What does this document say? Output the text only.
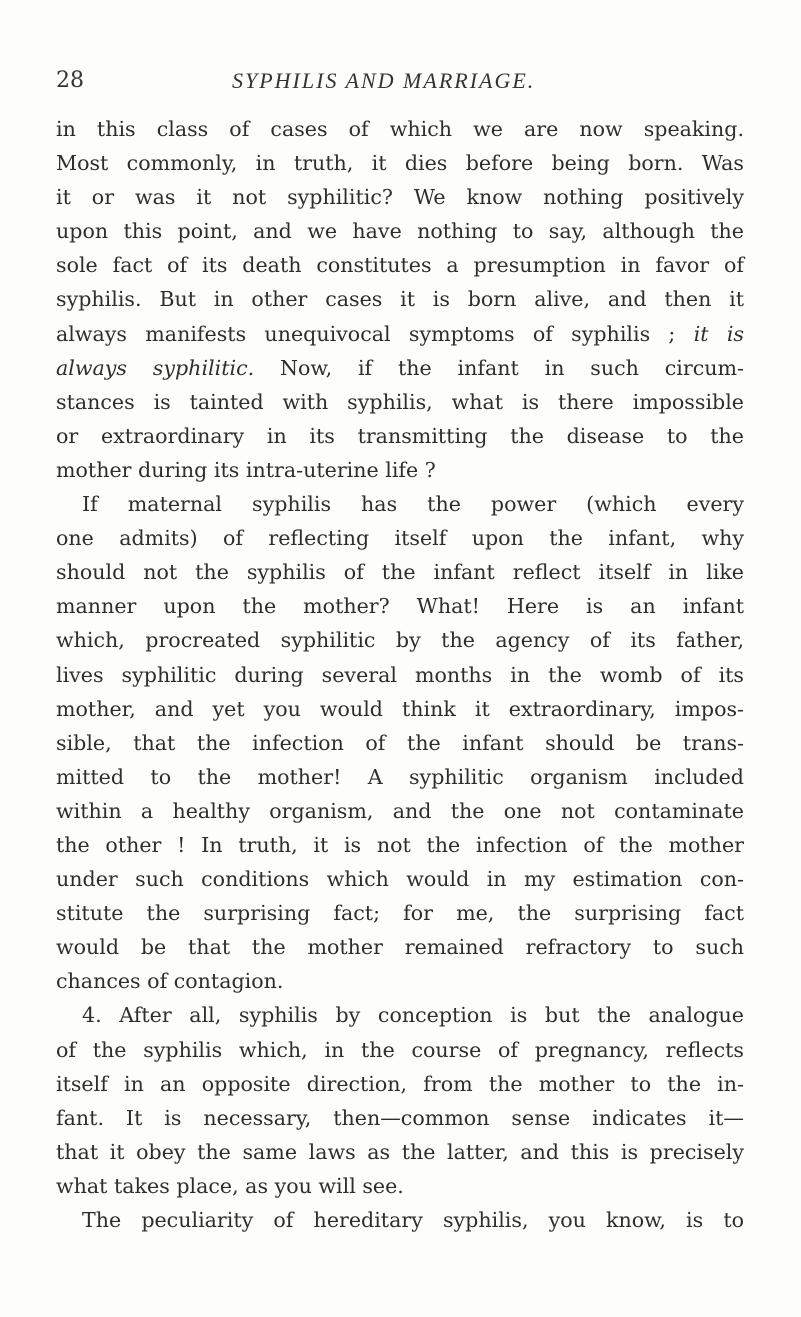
28	SYPHILIS AND MARRIAGE.

in this class of cases of which we are now speaking.
Most commonly, in truth, it dies before being born. Was
it or was it not syphilitic? We know nothing positively
upon this point, and we have nothing to say, although the
sole fact of its death constitutes a presumption in favor of
syphilis. But in other cases it is born alive, and then it
always manifests unequivocal symptoms of syphilis ; it is
always syphilitic. Now, if the infant in such circum-
stances is tainted with syphilis, what is there impossible
or extraordinary in its transmitting the disease to the
mother during its intra-uterine life ?

If maternal syphilis has the power (which every
one admits) of reflecting itself upon the infant, why
should not the syphilis of the infant reflect itself in like
manner upon the mother? What! Here is an infant
which, procreated syphilitic by the agency of its father,
lives syphilitic during several months in the womb of its
mother, and yet you would think it extraordinary, impos-
sible, that the infection of the infant should be trans-
mitted to the mother! A syphilitic organism included
within a healthy organism, and the one not contaminate
the other ! In truth, it is not the infection of the mother
under such conditions which would in my estimation con-
stitute the surprising fact; for me, the surprising fact
would be that the mother remained refractory to such
chances of contagion.

4. After all, syphilis by conception is but the analogue
of the syphilis which, in the course of pregnancy, reflects
itself in an opposite direction, from the mother to the in-
fant. It is necessary, then—common sense indicates it—
that it obey the same laws as the latter, and this is precisely
what takes place, as you will see.

The peculiarity of hereditary syphilis, you know, is to
